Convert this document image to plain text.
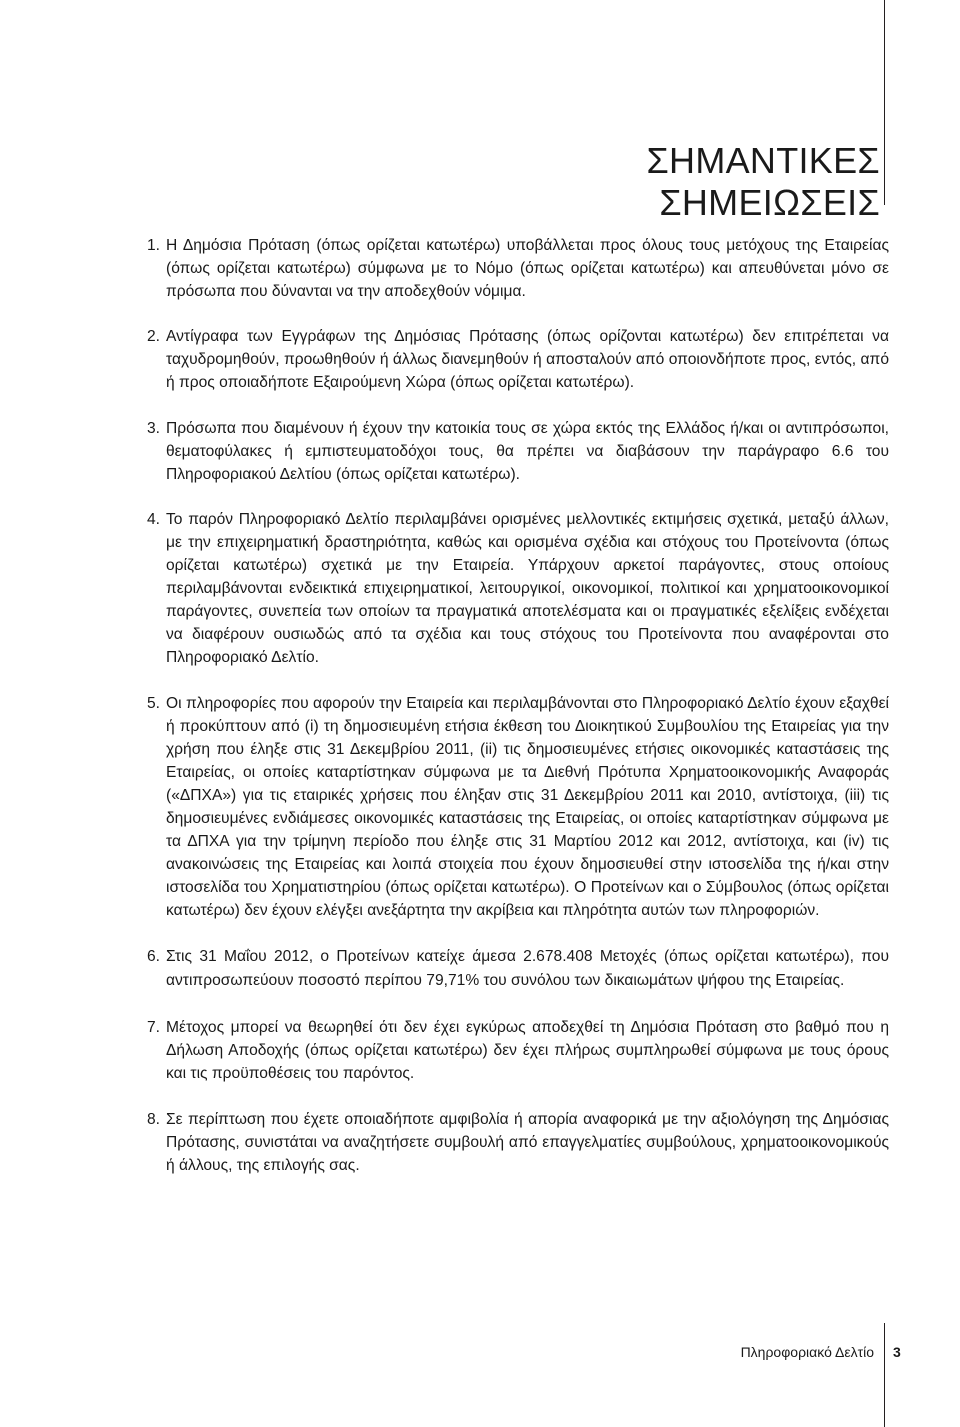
ΣΗΜΑΝΤΙΚΕΣ ΣΗΜΕΙΩΣΕΙΣ
1. Η Δημόσια Πρόταση (όπως ορίζεται κατωτέρω) υποβάλλεται προς όλους τους μετόχους της Εταιρείας (όπως ορίζεται κατωτέρω) σύμφωνα με το Νόμο (όπως ορίζεται κατωτέρω) και απευθύνεται μόνο σε πρόσωπα που δύνανται να την αποδεχθούν νόμιμα.
2. Αντίγραφα των Εγγράφων της Δημόσιας Πρότασης (όπως ορίζονται κατωτέρω) δεν επιτρέπεται να ταχυδρομηθούν, προωθηθούν ή άλλως διανεμηθούν ή αποσταλούν από οποιονδήποτε προς, εντός, από ή προς οποιαδήποτε Εξαιρούμενη Χώρα (όπως ορίζεται κατωτέρω).
3. Πρόσωπα που διαμένουν ή έχουν την κατοικία τους σε χώρα εκτός της Ελλάδος ή/και οι αντιπρόσωποι, θεματοφύλακες ή εμπιστευματοδόχοι τους, θα πρέπει να διαβάσουν την παράγραφο 6.6 του Πληροφοριακού Δελτίου (όπως ορίζεται κατωτέρω).
4. Το παρόν Πληροφοριακό Δελτίο περιλαμβάνει ορισμένες μελλοντικές εκτιμήσεις σχετικά, μεταξύ άλλων, με την επιχειρηματική δραστηριότητα, καθώς και ορισμένα σχέδια και στόχους του Προτείνοντα (όπως ορίζεται κατωτέρω) σχετικά με την Εταιρεία. Υπάρχουν αρκετοί παράγοντες, στους οποίους περιλαμβάνονται ενδεικτικά επιχειρηματικοί, λειτουργικοί, οικονομικοί, πολιτικοί και χρηματοοικονομικοί παράγοντες, συνεπεία των οποίων τα πραγματικά αποτελέσματα και οι πραγματικές εξελίξεις ενδέχεται να διαφέρουν ουσιωδώς από τα σχέδια και τους στόχους του Προτείνοντα που αναφέρονται στο Πληροφοριακό Δελτίο.
5. Οι πληροφορίες που αφορούν την Εταιρεία και περιλαμβάνονται στο Πληροφοριακό Δελτίο έχουν εξαχθεί ή προκύπτουν από (i) τη δημοσιευμένη ετήσια έκθεση του Διοικητικού Συμβουλίου της Εταιρείας για την χρήση που έληξε στις 31 Δεκεμβρίου 2011, (ii) τις δημοσιευμένες ετήσιες οικονομικές καταστάσεις της Εταιρείας, οι οποίες καταρτίστηκαν σύμφωνα με τα Διεθνή Πρότυπα Χρηματοοικονομικής Αναφοράς («ΔΠΧΑ») για τις εταιρικές χρήσεις που έληξαν στις 31 Δεκεμβρίου 2011 και 2010, αντίστοιχα, (iii) τις δημοσιευμένες ενδιάμεσες οικονομικές καταστάσεις της Εταιρείας, οι οποίες καταρτίστηκαν σύμφωνα με τα ΔΠΧΑ για την τρίμηνη περίοδο που έληξε στις 31 Μαρτίου 2012 και 2012, αντίστοιχα, και (iv) τις ανακοινώσεις της Εταιρείας και λοιπά στοιχεία που έχουν δημοσιευθεί στην ιστοσελίδα της ή/και στην ιστοσελίδα του Χρηματιστηρίου (όπως ορίζεται κατωτέρω). Ο Προτείνων και ο Σύμβουλος (όπως ορίζεται κατωτέρω) δεν έχουν ελέγξει ανεξάρτητα την ακρίβεια και πληρότητα αυτών των πληροφοριών.
6. Στις 31 Μαΐου 2012, ο Προτείνων κατείχε άμεσα 2.678.408 Μετοχές (όπως ορίζεται κατωτέρω), που αντιπροσωπεύουν ποσοστό περίπου 79,71% του συνόλου των δικαιωμάτων ψήφου της Εταιρείας.
7. Μέτοχος μπορεί να θεωρηθεί ότι δεν έχει εγκύρως αποδεχθεί τη Δημόσια Πρόταση στο βαθμό που η Δήλωση Αποδοχής (όπως ορίζεται κατωτέρω) δεν έχει πλήρως συμπληρωθεί σύμφωνα με τους όρους και τις προϋποθέσεις του παρόντος.
8. Σε περίπτωση που έχετε οποιαδήποτε αμφιβολία ή απορία αναφορικά με την αξιολόγηση της Δημόσιας Πρότασης, συνιστάται να αναζητήσετε συμβουλή από επαγγελματίες συμβούλους, χρηματοοικονομικούς ή άλλους, της επιλογής σας.
Πληροφοριακό Δελτίο 3
